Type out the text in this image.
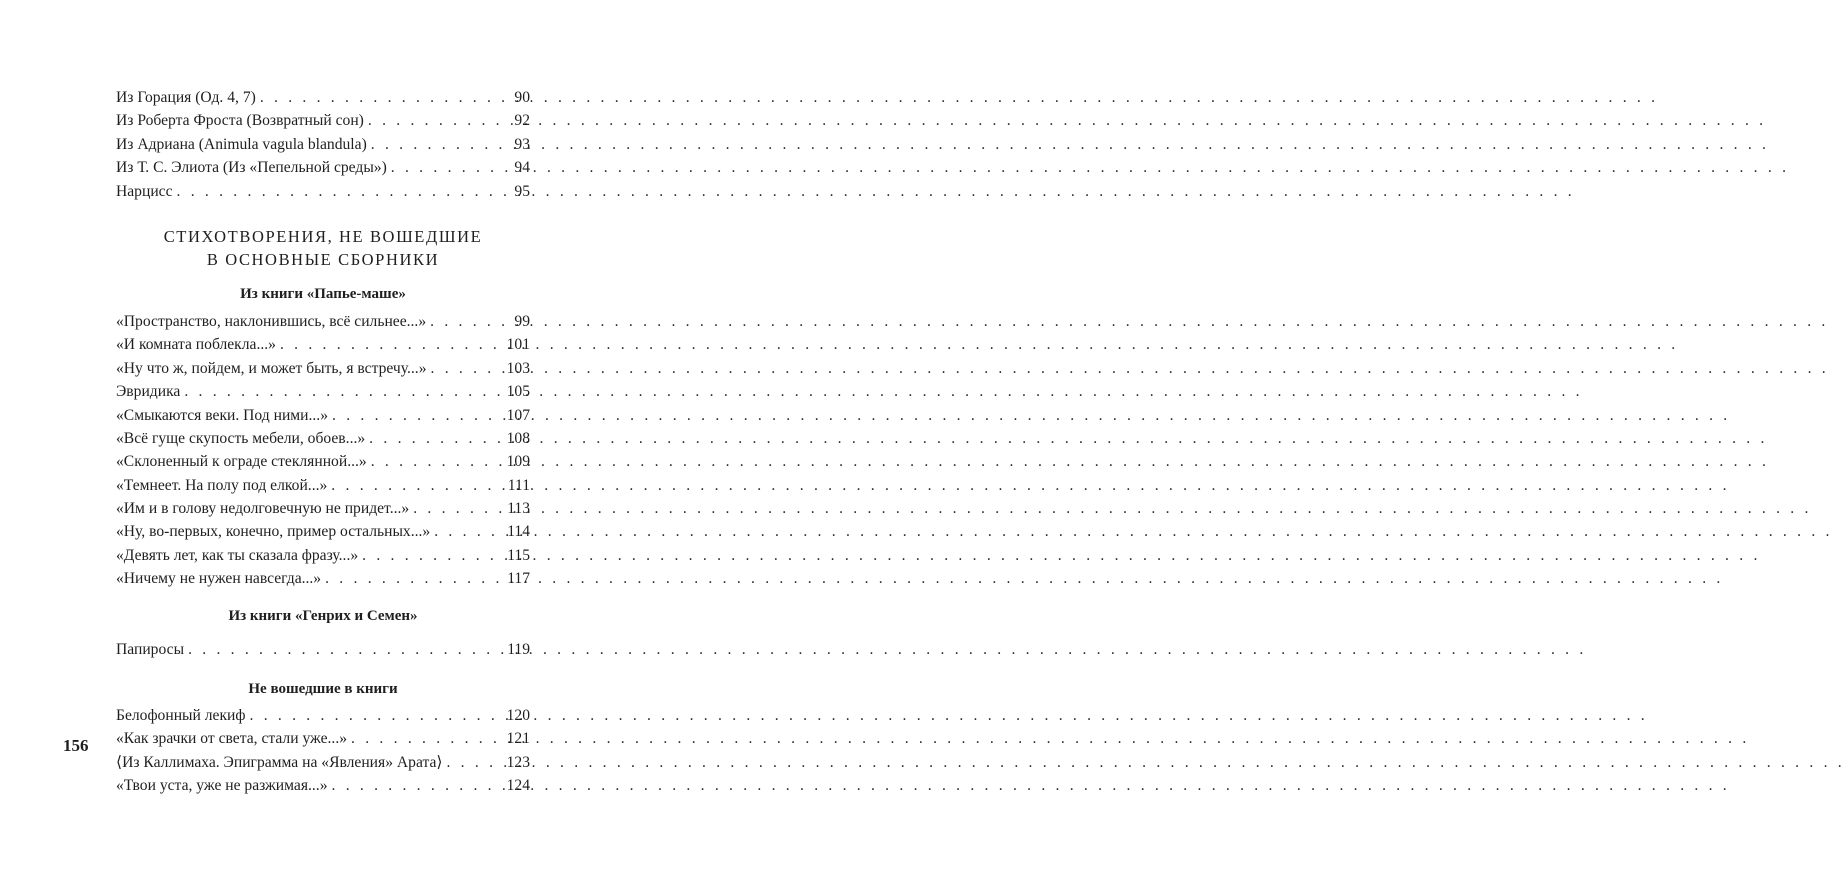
Из Горация (Од. 4, 7) . . .	90
Из Роберта Фроста (Возвратный сон) . . .	92
Из Адриана (Animula vagula blandula) . . .	93
Из Т. С. Элиота (Из «Пепельной среды») . . .	94
Нарцисс . . .	95

СТИХОТВОРЕНИЯ, НЕ ВОШЕДШИЕ

В ОСНОВНЫЕ СБОРНИКИ

Из книги «Папье-маше»

«Пространство, наклонившись, всё сильнее...» . . .	99
«И комната поблекла...» . . .	101
«Ну что ж, пойдем, и может быть, я встречу...» . . .	103
Эвридика . . .	105
«Смыкаются веки. Под ними...» . . .	107
«Всё гуще скупость мебели, обоев...» . . .	108
«Склоненный к ограде стеклянной...» . . .	109
«Темнеет. На полу под елкой...» . . .	111
«Им и в голову недолговечную не придет...» . . .	113
«Ну, во-первых, конечно, пример остальных...» . . .	114
«Девять лет, как ты сказала фразу...» . . .	115
«Ничему не нужен навсегда...» . . .	117

Из книги «Генрих и Семен»

Папиросы . . .	119

Не вошедшие в книги

Белофонный лекиф . . .	120
«Как зрачки от света, стали уже...» . . .	121
⟨Из Каллимаха. Эпиграмма на «Явления» Арата⟩ . . .	123
«Твои уста, уже не разжимая...» . . .	124
156
